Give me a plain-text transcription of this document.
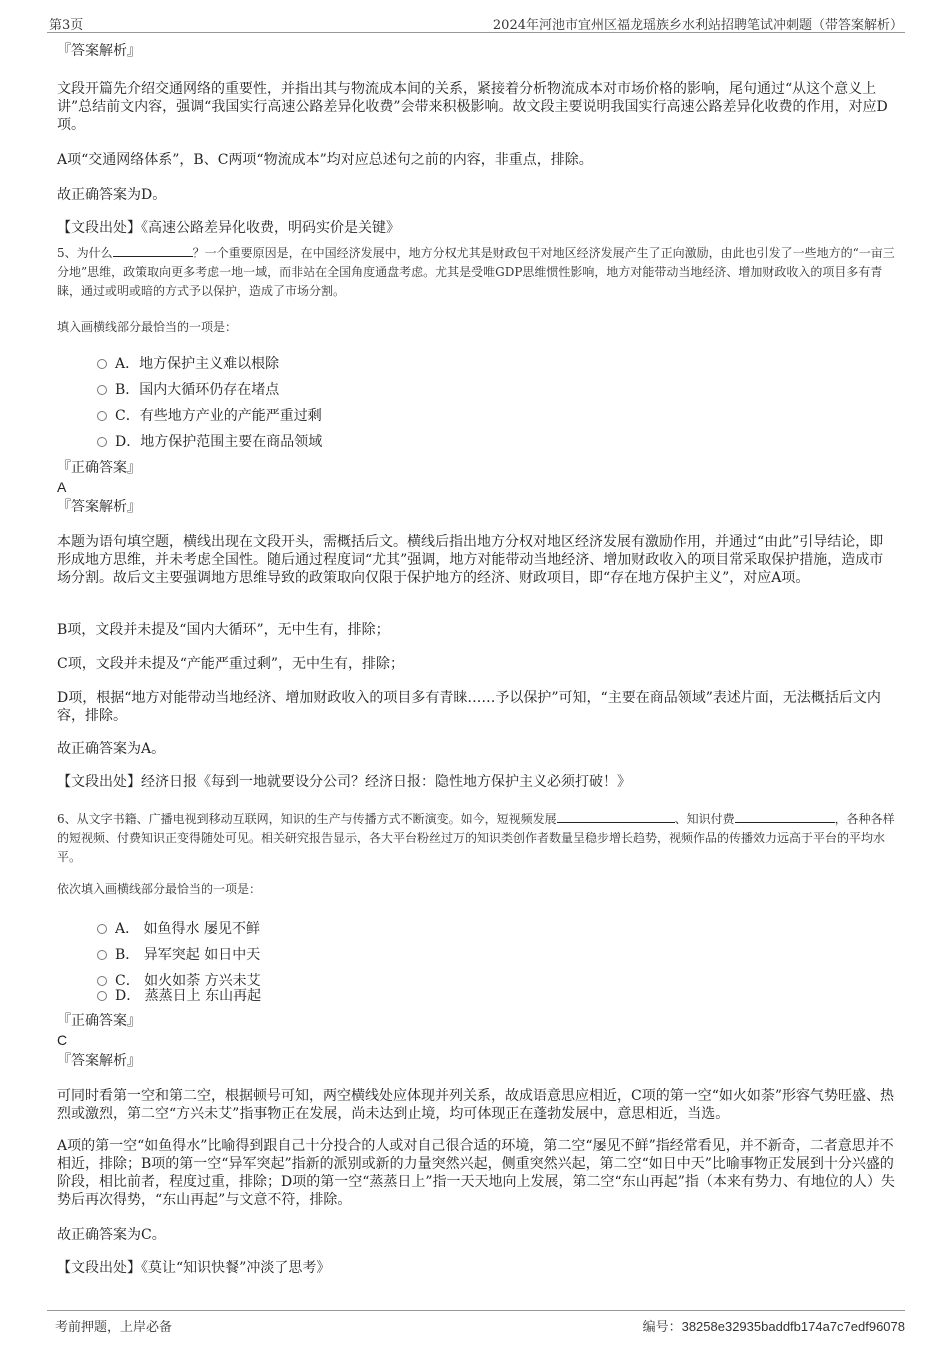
第3页	2024年河池市宜州区福龙瑶族乡水利站招聘笔试冲刺题（带答案解析）
『答案解析』
文段开篇先介绍交通网络的重要性，并指出其与物流成本间的关系，紧接着分析物流成本对市场价格的影响，尾句通过“从这个意义上讲”总结前文内容，强调“我国实行高速公路差异化收费”会带来积极影响。故文段主要说明我国实行高速公路差异化收费的作用，对应D项。
A项“交通网络体系”，B、C两项“物流成本”均对应总述句之前的内容，非重点，排除。
故正确答案为D。
【文段出处】《高速公路差异化收费，明码实价是关键》
5、为什么	？一个重要原因是，在中国经济发展中，地方分权尤其是财政包干对地区经济发展产生了正向激励，由此也引发了一些地方的“一亩三分地”思维，政策取向更多考虑一地一域，而非站在全国角度通盘考虑。尤其是受唯GDP思维惯性影响，地方对能带动当地经济、增加财政收入的项目多有青睐，通过或明或暗的方式予以保护，造成了市场分割。
填入画横线部分最恰当的一项是：
A．地方保护主义难以根除
B．国内大循环仍存在堵点
C．有些地方产业的产能严重过剩
D．地方保护范围主要在商品领域
『正确答案』
A
『答案解析』
本题为语句填空题，横线出现在文段开头，需概括后文。横线后指出地方分权对地区经济发展有激励作用，并通过“由此”引导结论，即形成地方思维，并未考虑全国性。随后通过程度词“尤其”强调，地方对能带动当地经济、增加财政收入的项目常采取保护措施，造成市场分割。故后文主要强调地方思维导致的政策取向仅限于保护地方的经济、财政项目，即“存在地方保护主义”，对应A项。
B项，文段并未提及“国内大循环”，无中生有，排除；
C项，文段并未提及“产能严重过剩”，无中生有，排除；
D项，根据“地方对能带动当地经济、增加财政收入的项目多有青睐……予以保护”可知，“主要在商品领域”表述片面，无法概括后文内容，排除。
故正确答案为A。
【文段出处】经济日报《每到一地就要设分公司？经济日报：隐性地方保护主义必须打破！》
6、从文字书籍、广播电视到移动互联网，知识的生产与传播方式不断演变。如今，短视频发展	、知识付费	，各种各样的短视频、付费知识正变得随处可见。相关研究报告显示，各大平台粉丝过万的知识类创作者数量呈稳步增长趋势，视频作品的传播效力远高于平台的平均水平。
依次填入画横线部分最恰当的一项是：
A． 如鱼得水 屡见不鲜
B． 异军突起 如日中天
C． 如火如荼 方兴未艾
D． 蒸蒸日上 东山再起
『正确答案』
C
『答案解析』
可同时看第一空和第二空，根据顿号可知，两空横线处应体现并列关系，故成语意思应相近，C项的第一空“如火如荼”形容气势旺盛、热烈或激烈，第二空“方兴未艾”指事物正在发展，尚未达到止境，均可体现正在蓬勃发展中，意思相近，当选。
A项的第一空“如鱼得水”比喻得到跟自己十分投合的人或对自己很合适的环境，第二空“屡见不鲜”指经常看见，并不新奇，二者意思并不相近，排除；B项的第一空“异军突起”指新的派别或新的力量突然兴起，侧重突然兴起，第二空“如日中天”比喻事物正发展到十分兴盛的阶段，相比前者，程度过重，排除；D项的第一空“蒸蒸日上”指一天天地向上发展，第二空“东山再起”指（本来有势力、有地位的人）失势后再次得势，“东山再起”与文意不符，排除。
故正确答案为C。
【文段出处】《莫让“知识快餐”冲淡了思考》
考前押题，上岸必备	编号：38258e32935baddfb174a7c7edf96078
